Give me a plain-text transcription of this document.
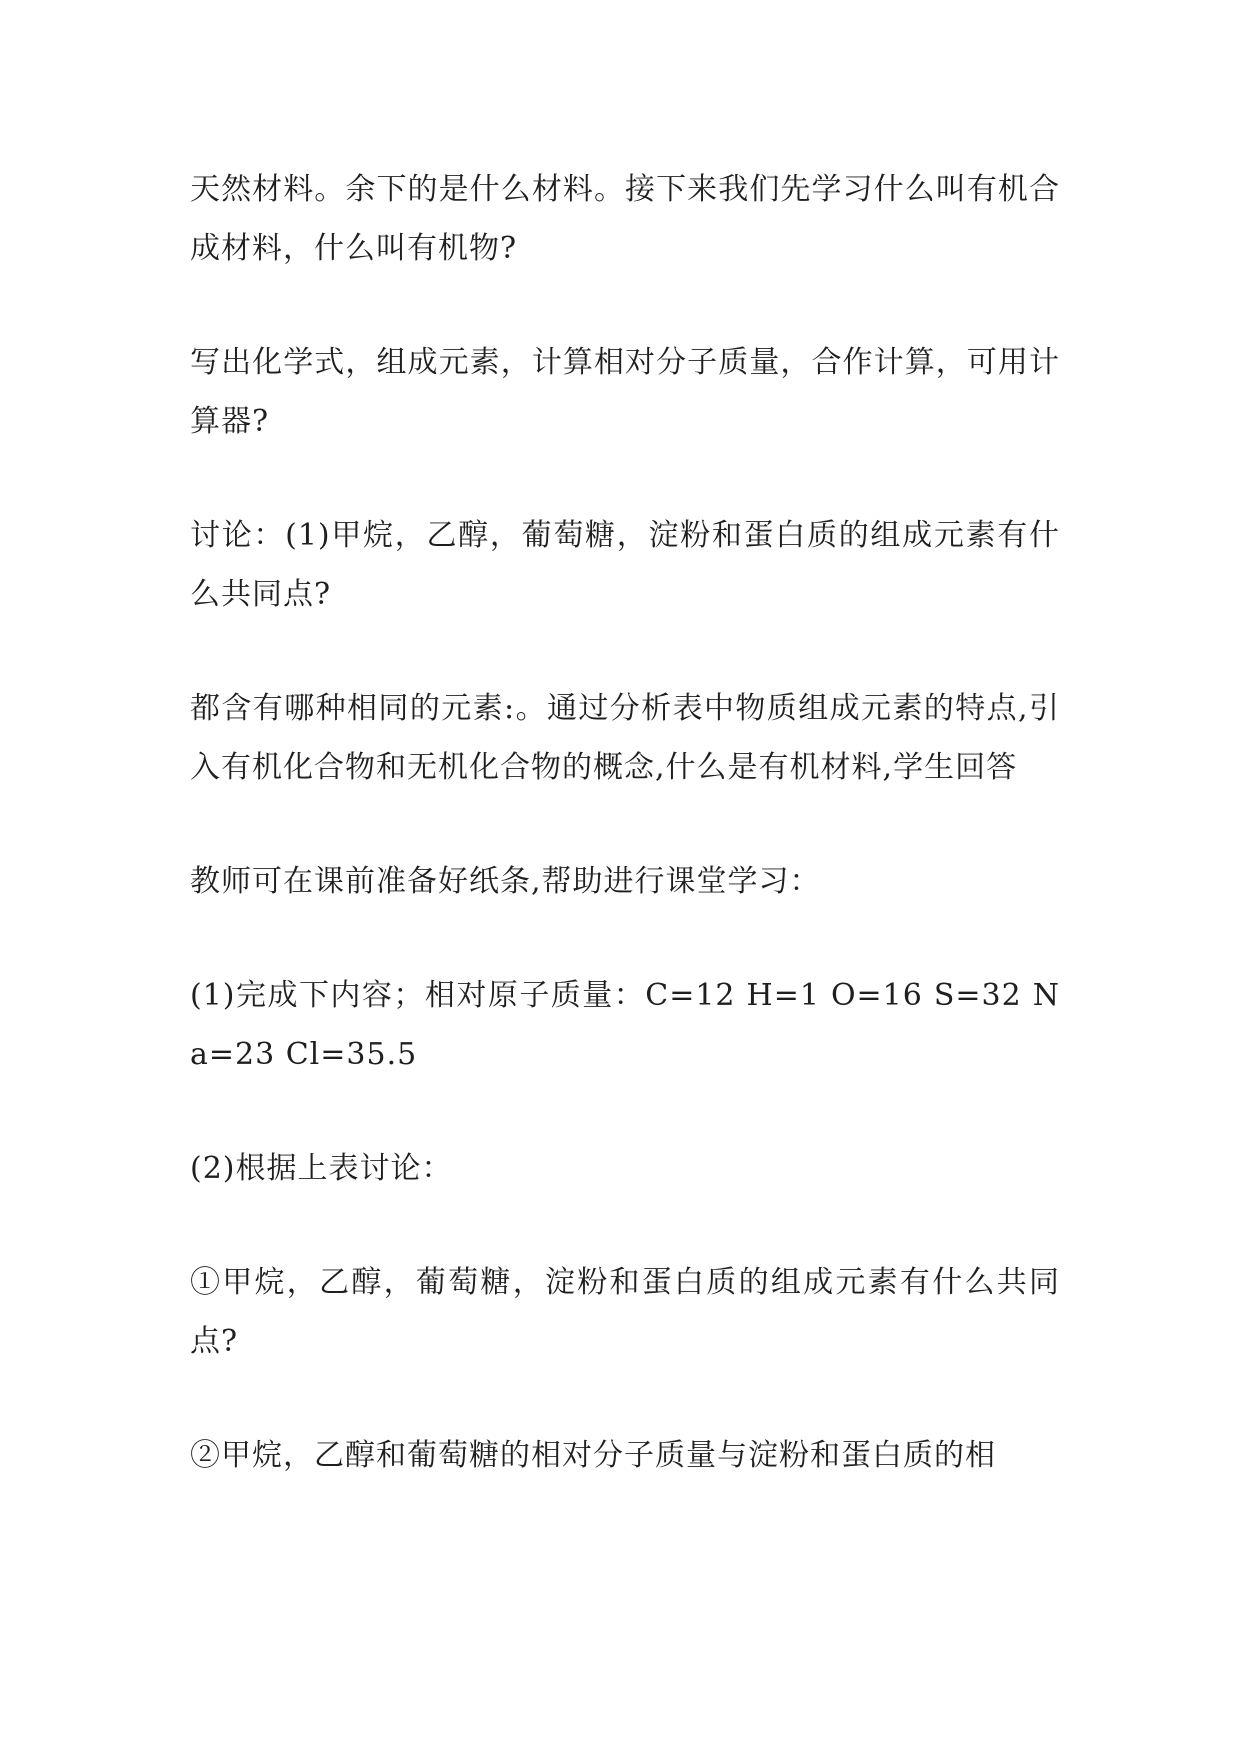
天然材料。余下的是什么材料。接下来我们先学习什么叫有机合成材料，什么叫有机物?

写出化学式，组成元素，计算相对分子质量，合作计算，可用计算器?

讨论：(1)甲烷，乙醇，葡萄糖，淀粉和蛋白质的组成元素有什么共同点?

都含有哪种相同的元素:。通过分析表中物质组成元素的特点,引入有机化合物和无机化合物的概念,什么是有机材料,学生回答

教师可在课前准备好纸条,帮助进行课堂学习：

(1)完成下内容；相对原子质量：C=12 H=1 O=16 S=32 Na=23 Cl=35.5

(2)根据上表讨论：

①甲烷，乙醇，葡萄糖，淀粉和蛋白质的组成元素有什么共同点?

②甲烷，乙醇和葡萄糖的相对分子质量与淀粉和蛋白质的相
